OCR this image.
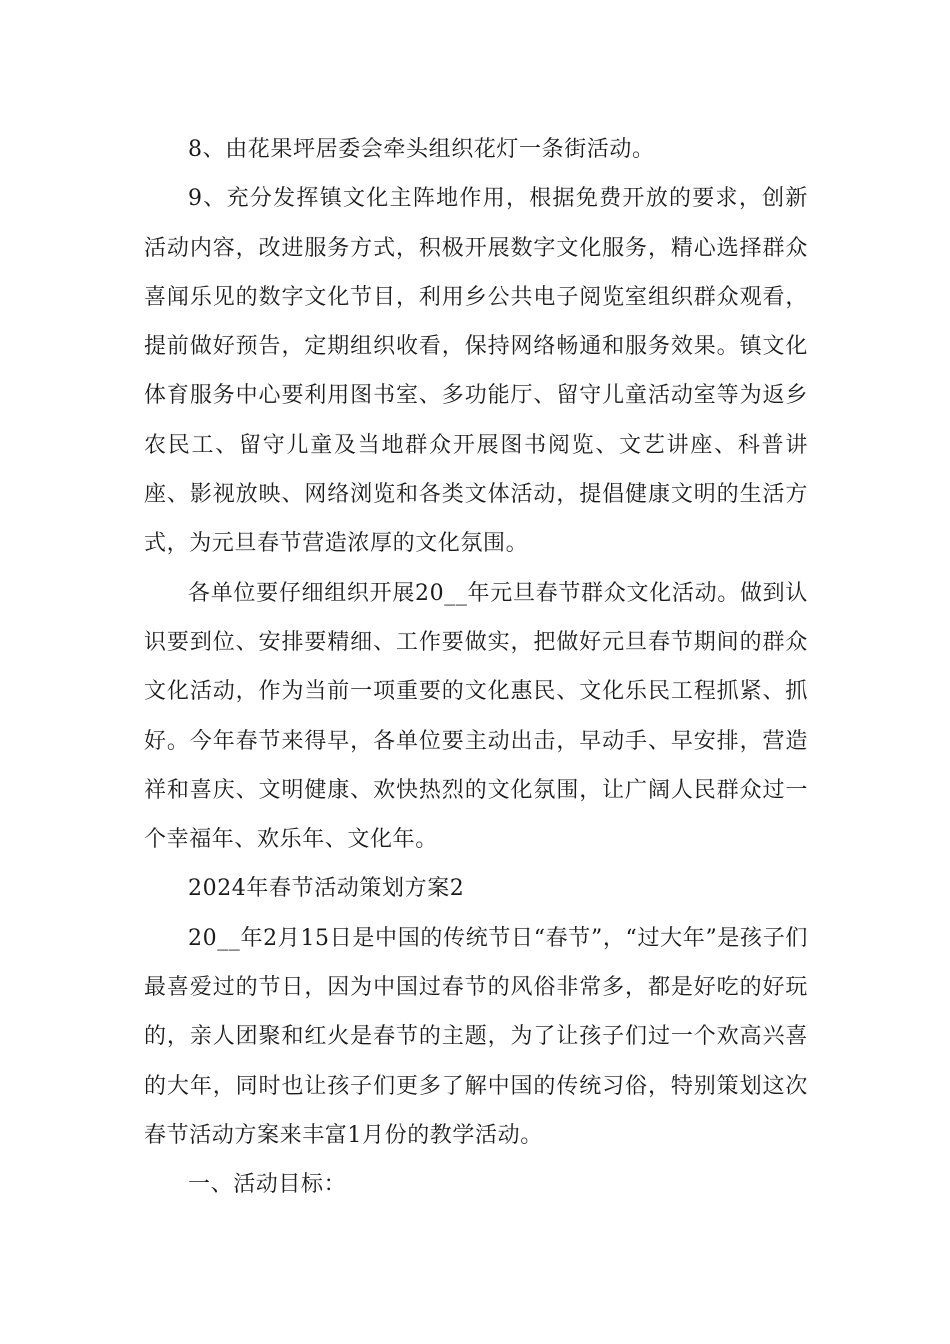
8、由花果坪居委会牵头组织花灯一条街活动。

9、充分发挥镇文化主阵地作用，根据免费开放的要求，创新活动内容，改进服务方式，积极开展数字文化服务，精心选择群众喜闻乐见的数字文化节目，利用乡公共电子阅览室组织群众观看，提前做好预告，定期组织收看，保持网络畅通和服务效果。镇文化体育服务中心要利用图书室、多功能厅、留守儿童活动室等为返乡农民工、留守儿童及当地群众开展图书阅览、文艺讲座、科普讲座、影视放映、网络浏览和各类文体活动，提倡健康文明的生活方式，为元旦春节营造浓厚的文化氛围。

各单位要仔细组织开展20__年元旦春节群众文化活动。做到认识要到位、安排要精细、工作要做实，把做好元旦春节期间的群众文化活动，作为当前一项重要的文化惠民、文化乐民工程抓紧、抓好。今年春节来得早，各单位要主动出击，早动手、早安排，营造祥和喜庆、文明健康、欢快热烈的文化氛围，让广阔人民群众过一个幸福年、欢乐年、文化年。

2024年春节活动策划方案2

20__年2月15日是中国的传统节日“春节”，“过大年”是孩子们最喜爱过的节日，因为中国过春节的风俗非常多，都是好吃的好玩的，亲人团聚和红火是春节的主题，为了让孩子们过一个欢高兴喜的大年，同时也让孩子们更多了解中国的传统习俗，特别策划这次春节活动方案来丰富1月份的教学活动。

一、活动目标：
